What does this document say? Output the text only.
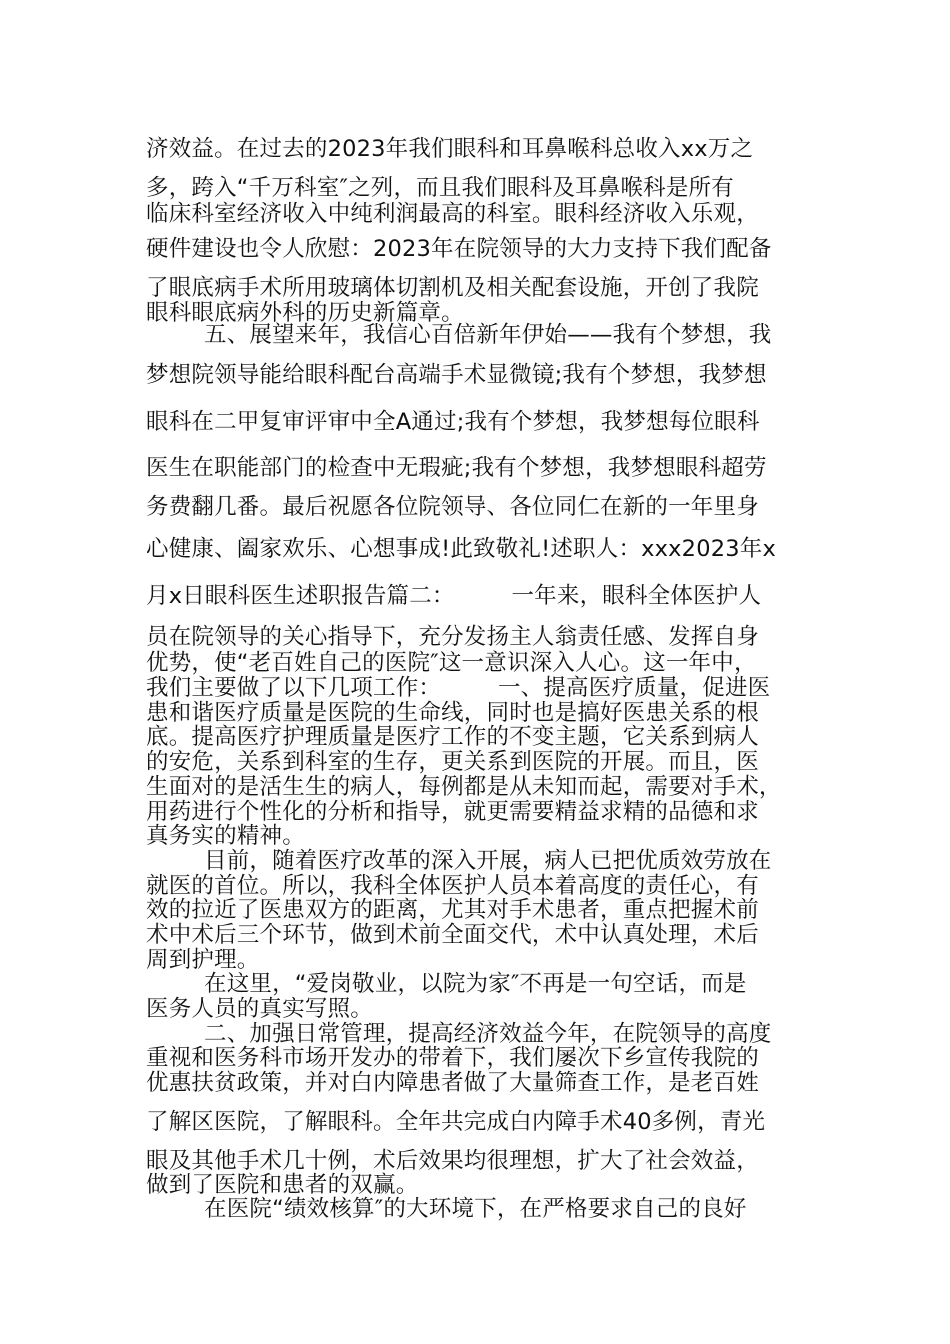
济效益。在过去的2023年我们眼科和耳鼻喉科总收入xx万之

多，跨入“千万科室″之列，而且我们眼科及耳鼻喉科是所有

临床科室经济收入中纯利润最高的科室。眼科经济收入乐观，

硬件建设也令人欣慰：2023年在院领导的大力支持下我们配备

了眼底病手术所用玻璃体切割机及相关配套设施，开创了我院

眼科眼底病外科的历史新篇章。

五、展望来年，我信心百倍新年伊始——我有个梦想，我

梦想院领导能给眼科配台高端手术显微镜;我有个梦想，我梦想

眼科在二甲复审评审中全A通过;我有个梦想，我梦想每位眼科

医生在职能部门的检查中无瑕疵;我有个梦想，我梦想眼科超劳

务费翻几番。最后祝愿各位院领导、各位同仁在新的一年里身

心健康、阖家欢乐、心想事成!此致敬礼!述职人：xxx2023年x

月x日眼科医生述职报告篇二：　　　一年来，眼科全体医护人

员在院领导的关心指导下，充分发扬主人翁责任感、发挥自身

优势，使“老百姓自己的医院″这一意识深入人心。这一年中，

我们主要做了以下几项工作：　　　一、提高医疗质量，促进医

患和谐医疗质量是医院的生命线，同时也是搞好医患关系的根

底。提高医疗护理质量是医疗工作的不变主题，它关系到病人

的安危，关系到科室的生存，更关系到医院的开展。而且，医

生面对的是活生生的病人，每例都是从未知而起，需要对手术，

用药进行个性化的分析和指导，就更需要精益求精的品德和求

真务实的精神。

目前，随着医疗改革的深入开展，病人已把优质效劳放在

就医的首位。所以，我科全体医护人员本着高度的责任心，有

效的拉近了医患双方的距离，尤其对手术患者，重点把握术前

术中术后三个环节，做到术前全面交代，术中认真处理，术后

周到护理。

在这里，“爱岗敬业，以院为家″不再是一句空话，而是

医务人员的真实写照。

二、加强日常管理，提高经济效益今年，在院领导的高度

重视和医务科市场开发办的带着下，我们屡次下乡宣传我院的

优惠扶贫政策，并对白内障患者做了大量筛查工作，是老百姓

了解区医院，了解眼科。全年共完成白内障手术40多例，青光

眼及其他手术几十例，术后效果均很理想，扩大了社会效益，

做到了医院和患者的双赢。

在医院“绩效核算″的大环境下，在严格要求自己的良好
